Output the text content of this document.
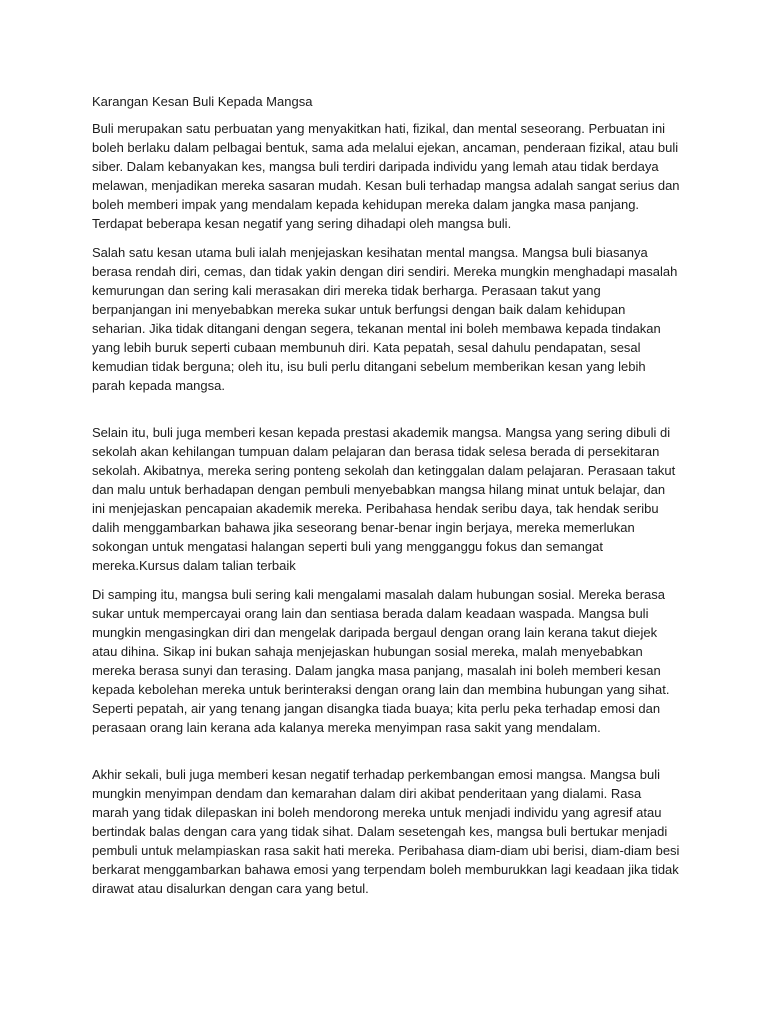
Karangan Kesan Buli Kepada Mangsa

Buli merupakan satu perbuatan yang menyakitkan hati, fizikal, dan mental seseorang. Perbuatan ini boleh berlaku dalam pelbagai bentuk, sama ada melalui ejekan, ancaman, penderaan fizikal, atau buli siber. Dalam kebanyakan kes, mangsa buli terdiri daripada individu yang lemah atau tidak berdaya melawan, menjadikan mereka sasaran mudah. Kesan buli terhadap mangsa adalah sangat serius dan boleh memberi impak yang mendalam kepada kehidupan mereka dalam jangka masa panjang. Terdapat beberapa kesan negatif yang sering dihadapi oleh mangsa buli.

Salah satu kesan utama buli ialah menjejaskan kesihatan mental mangsa. Mangsa buli biasanya berasa rendah diri, cemas, dan tidak yakin dengan diri sendiri. Mereka mungkin menghadapi masalah kemurungan dan sering kali merasakan diri mereka tidak berharga. Perasaan takut yang berpanjangan ini menyebabkan mereka sukar untuk berfungsi dengan baik dalam kehidupan seharian. Jika tidak ditangani dengan segera, tekanan mental ini boleh membawa kepada tindakan yang lebih buruk seperti cubaan membunuh diri. Kata pepatah, sesal dahulu pendapatan, sesal kemudian tidak berguna; oleh itu, isu buli perlu ditangani sebelum memberikan kesan yang lebih parah kepada mangsa.

Selain itu, buli juga memberi kesan kepada prestasi akademik mangsa. Mangsa yang sering dibuli di sekolah akan kehilangan tumpuan dalam pelajaran dan berasa tidak selesa berada di persekitaran sekolah. Akibatnya, mereka sering ponteng sekolah dan ketinggalan dalam pelajaran. Perasaan takut dan malu untuk berhadapan dengan pembuli menyebabkan mangsa hilang minat untuk belajar, dan ini menjejaskan pencapaian akademik mereka. Peribahasa hendak seribu daya, tak hendak seribu dalih menggambarkan bahawa jika seseorang benar-benar ingin berjaya, mereka memerlukan sokongan untuk mengatasi halangan seperti buli yang mengganggu fokus dan semangat mereka.Kursus dalam talian terbaik

Di samping itu, mangsa buli sering kali mengalami masalah dalam hubungan sosial. Mereka berasa sukar untuk mempercayai orang lain dan sentiasa berada dalam keadaan waspada. Mangsa buli mungkin mengasingkan diri dan mengelak daripada bergaul dengan orang lain kerana takut diejek atau dihina. Sikap ini bukan sahaja menjejaskan hubungan sosial mereka, malah menyebabkan mereka berasa sunyi dan terasing. Dalam jangka masa panjang, masalah ini boleh memberi kesan kepada kebolehan mereka untuk berinteraksi dengan orang lain dan membina hubungan yang sihat. Seperti pepatah, air yang tenang jangan disangka tiada buaya; kita perlu peka terhadap emosi dan perasaan orang lain kerana ada kalanya mereka menyimpan rasa sakit yang mendalam.

Akhir sekali, buli juga memberi kesan negatif terhadap perkembangan emosi mangsa. Mangsa buli mungkin menyimpan dendam dan kemarahan dalam diri akibat penderitaan yang dialami. Rasa marah yang tidak dilepaskan ini boleh mendorong mereka untuk menjadi individu yang agresif atau bertindak balas dengan cara yang tidak sihat. Dalam sesetengah kes, mangsa buli bertukar menjadi pembuli untuk melampiaskan rasa sakit hati mereka. Peribahasa diam-diam ubi berisi, diam-diam besi berkarat menggambarkan bahawa emosi yang terpendam boleh memburukkan lagi keadaan jika tidak dirawat atau disalurkan dengan cara yang betul.
